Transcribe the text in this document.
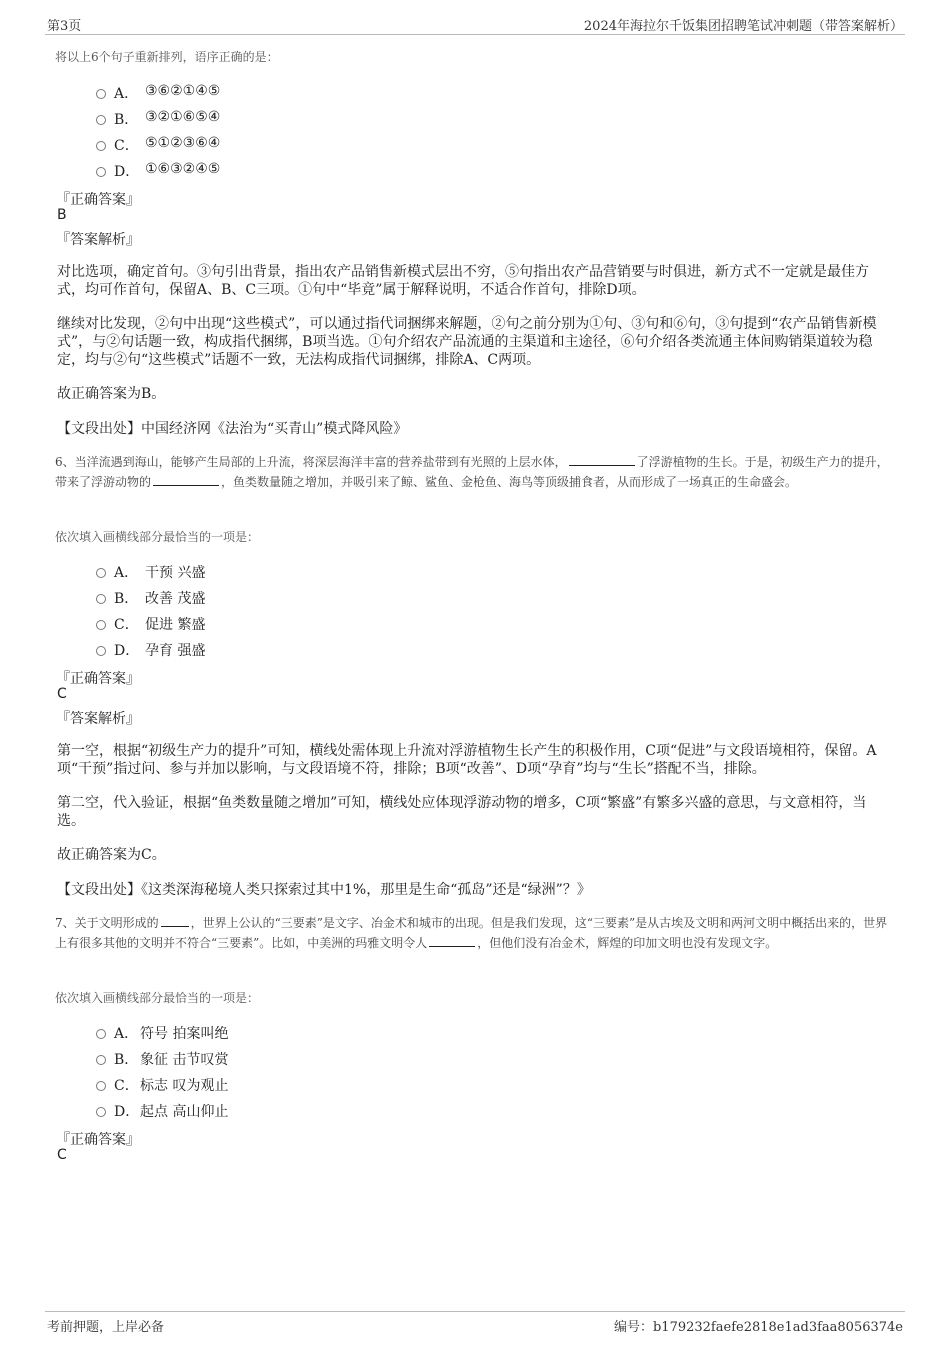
第3页	2024年海拉尔千饭集团招聘笔试冲刺题（带答案解析）
将以上6个句子重新排列，语序正确的是：
A． ③⑥②①④⑤
B． ③②①⑥⑤④
C． ⑤①②③⑥④
D． ①⑥③②④⑤
『正确答案』
B
『答案解析』
对比选项，确定首句。③句引出背景，指出农产品销售新模式层出不穷，⑤句指出农产品营销要与时俱进，新方式不一定就是最佳方式，均可作首句，保留A、B、C三项。①句中“毕竟”属于解释说明，不适合作首句，排除D项。
继续对比发现，②句中出现“这些模式”，可以通过指代词捆绑来解题，②句之前分别为①句、③句和⑥句，③句提到“农产品销售新模式”，与②句话题一致，构成指代捆绑，B项当选。①句介绍农产品流通的主渠道和主途径，⑥句介绍各类流通主体间购销渠道较为稳定，均与②句“这些模式”话题不一致，无法构成指代词捆绑，排除A、C两项。
故正确答案为B。
【文段出处】中国经济网《法治为“买青山”模式降风险》
6、当洋流遇到海山，能够产生局部的上升流，将深层海洋丰富的营养盐带到有光照的上层水体，	了浮游植物的生长。于是，初级生产力的提升，带来了浮游动物的	，鱼类数量随之增加，并吸引来了鲸、鲨鱼、金枪鱼、海鸟等顶级捕食者，从而形成了一场真正的生命盛会。
依次填入画横线部分最恰当的一项是：
A． 干预 兴盛
B． 改善 茂盛
C． 促进 繁盛
D． 孕育 强盛
『正确答案』
C
『答案解析』
第一空，根据“初级生产力的提升”可知，横线处需体现上升流对浮游植物生长产生的积极作用，C项“促进”与文段语境相符，保留。A项“干预”指过问、参与并加以影响，与文段语境不符，排除；B项“改善”、D项“孕育”均与“生长”搭配不当，排除。
第二空，代入验证，根据“鱼类数量随之增加”可知，横线处应体现浮游动物的增多，C项“繁盛”有繁多兴盛的意思，与文意相符，当选。
故正确答案为C。
【文段出处】《这类深海秘境人类只探索过其中1%，那里是生命“孤岛”还是“绿洲”？》
7、关于文明形成的	，世界上公认的“三要素”是文字、冶金术和城市的出现。但是我们发现，这“三要素”是从古埃及文明和两河文明中概括出来的，世界上有很多其他的文明并不符合“三要素”。比如，中美洲的玛雅文明令人	，但他们没有冶金术，辉煌的印加文明也没有发现文字。
依次填入画横线部分最恰当的一项是：
A． 符号 拍案叫绝
B． 象征 击节叹赏
C． 标志 叹为观止
D． 起点 高山仰止
『正确答案』
C
考前押题，上岸必备	编号：b179232faefe2818e1ad3faa8056374e
